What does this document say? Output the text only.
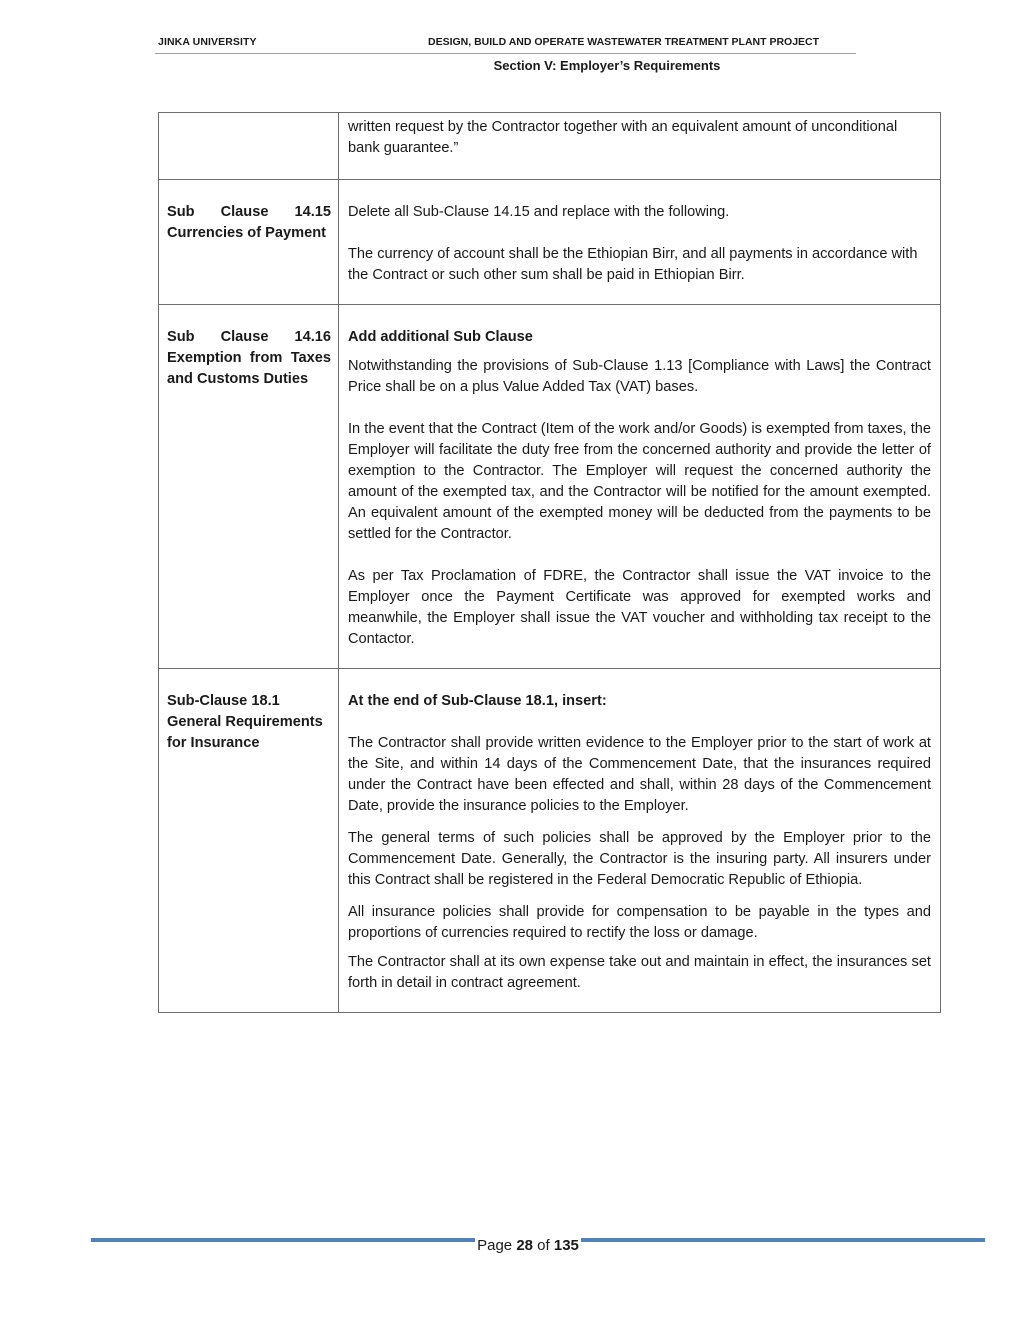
JINKA UNIVERSITY	DESIGN, BUILD AND OPERATE WASTEWATER TREATMENT PLANT PROJECT
Section V: Employer’s Requirements

	written request by the Contractor together with an equivalent amount of unconditional bank guarantee.”

Sub Clause 14.15 Currencies of Payment	Delete all Sub-Clause 14.15 and replace with the following.

The currency of account shall be the Ethiopian Birr, and all payments in accordance with the Contract or such other sum shall be paid in Ethiopian Birr.

Sub Clause 14.16 Exemption from Taxes and Customs Duties	Add additional Sub Clause

Notwithstanding the provisions of Sub-Clause 1.13 [Compliance with Laws] the Contract Price shall be on a plus Value Added Tax (VAT) bases.

In the event that the Contract (Item of the work and/or Goods) is exempted from taxes, the Employer will facilitate the duty free from the concerned authority and provide the letter of exemption to the Contractor. The Employer will request the concerned authority the amount of the exempted tax, and the Contractor will be notified for the amount exempted. An equivalent amount of the exempted money will be deducted from the payments to be settled for the Contractor.

As per Tax Proclamation of FDRE, the Contractor shall issue the VAT invoice to the Employer once the Payment Certificate was approved for exempted works and meanwhile, the Employer shall issue the VAT voucher and withholding tax receipt to the Contactor.

Sub-Clause 18.1 General Requirements for Insurance	At the end of Sub-Clause 18.1, insert:

The Contractor shall provide written evidence to the Employer prior to the start of work at the Site, and within 14 days of the Commencement Date, that the insurances required under the Contract have been effected and shall, within 28 days of the Commencement Date, provide the insurance policies to the Employer.

The general terms of such policies shall be approved by the Employer prior to the Commencement Date. Generally, the Contractor is the insuring party. All insurers under this Contract shall be registered in the Federal Democratic Republic of Ethiopia.

All insurance policies shall provide for compensation to be payable in the types and proportions of currencies required to rectify the loss or damage.

The Contractor shall at its own expense take out and maintain in effect, the insurances set forth in detail in contract agreement.

Page 28 of 135
